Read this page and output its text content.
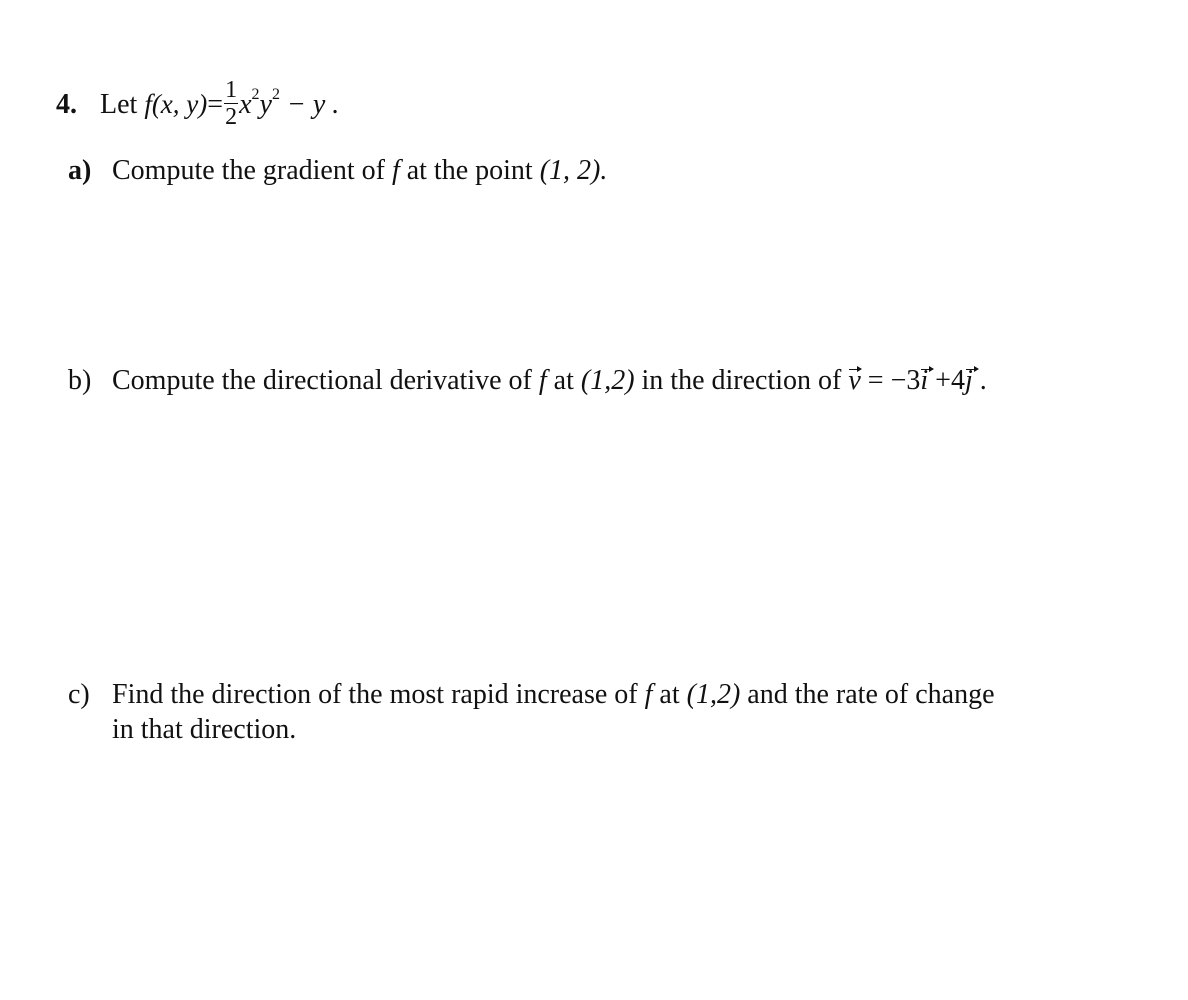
4. Let f(x, $y)= \frac{1}{2} x^2y^2 - y$ .
a) Compute the gradient of f at the point (1, 2).
b) Compute the directional derivative of f at (1,2) in the direction of v = −3i +4j .
c) Find the direction of the most rapid increase of f at (1,2) and the rate of change
in that direction.
